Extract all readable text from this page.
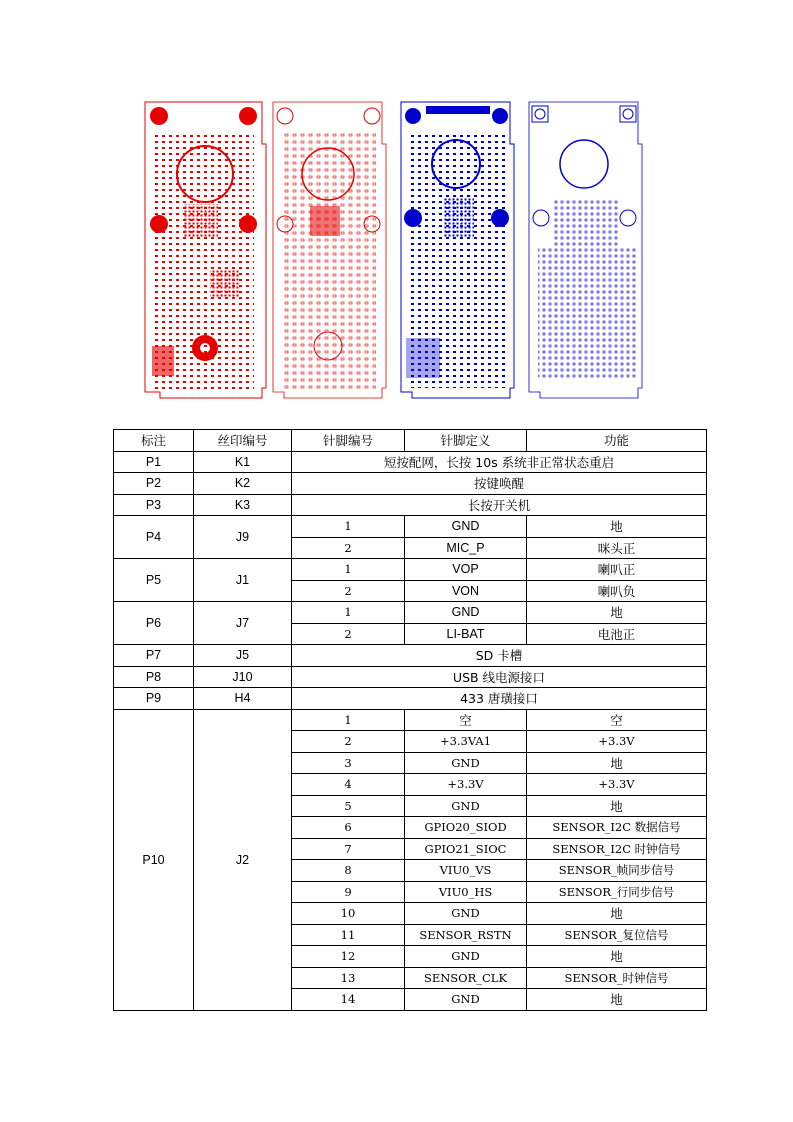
标注	丝印编号	针脚编号	针脚定义	功能
P1	K1	短按配网，长按 10s 系统非正常状态重启		
P2	K2	按键唤醒		
P3	K3	长按开关机		
P4	J9	1	GND	地
		2	MIC_P	咪头正
P5	J1	1	VOP	喇叭正
		2	VON	喇叭负
P6	J7	1	GND	地
		2	LI-BAT	电池正
P7	J5	SD 卡槽		
P8	J10	USB 线电源接口		
P9	H4	433 唐璜接口		
P10	J2	1	空	空
		2	+3.3VA1	+3.3V
		3	GND	地
		4	+3.3V	+3.3V
		5	GND	地
		6	GPIO20_SIOD	SENSOR_I2C 数据信号
		7	GPIO21_SIOC	SENSOR_I2C 时钟信号
		8	VIU0_VS	SENSOR_帧同步信号
		9	VIU0_HS	SENSOR_行同步信号
		10	GND	地
		11	SENSOR_RSTN	SENSOR_复位信号
		12	GND	地
		13	SENSOR_CLK	SENSOR_时钟信号
		14	GND	地
